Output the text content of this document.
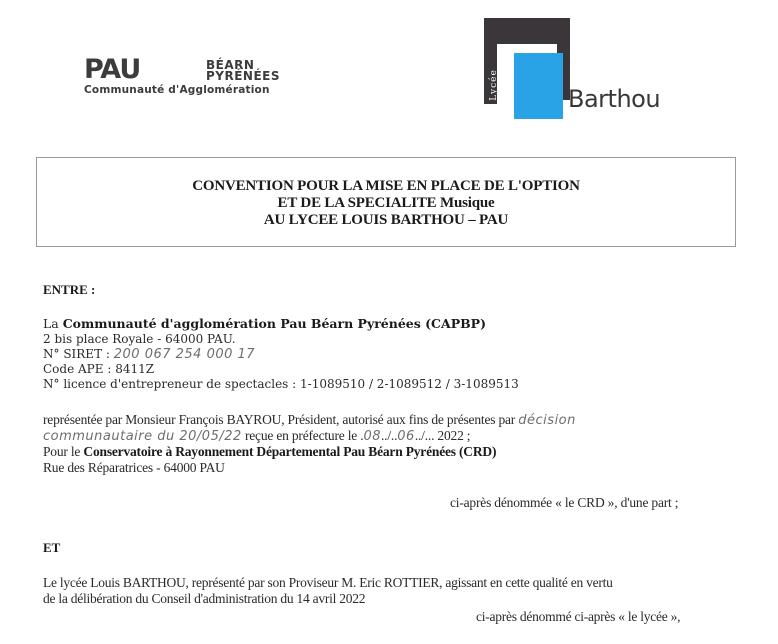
PAU	BÉARN
PYRÉNÉES
Communauté d'Agglomération	Lycée	Barthou
CONVENTION POUR LA MISE EN PLACE DE L'OPTION
ET DE LA SPECIALITE Musique
AU LYCEE LOUIS BARTHOU – PAU
ENTRE :
La Communauté d'agglomération Pau Béarn Pyrénées (CAPBP)
2 bis place Royale - 64000 PAU.
N° SIRET : 200 067 254 000 17
Code APE : 8411Z
N° licence d'entrepreneur de spectacles : 1-1089510 / 2-1089512 / 3-1089513
représentée par Monsieur François BAYROU, Président, autorisé aux fins de présentes par décision
communautaire du 20/05/22 reçue en préfecture le .08../..06../... 2022 ;
Pour le Conservatoire à Rayonnement Départemental Pau Béarn Pyrénées (CRD)
Rue des Réparatrices - 64000 PAU
ci-après dénommée « le CRD », d'une part ;
ET
Le lycée Louis BARTHOU, représenté par son Proviseur M. Eric ROTTIER, agissant en cette qualité en vertu
de la délibération du Conseil d'administration du 14 avril 2022
ci-après dénommé ci-après « le lycée »,
